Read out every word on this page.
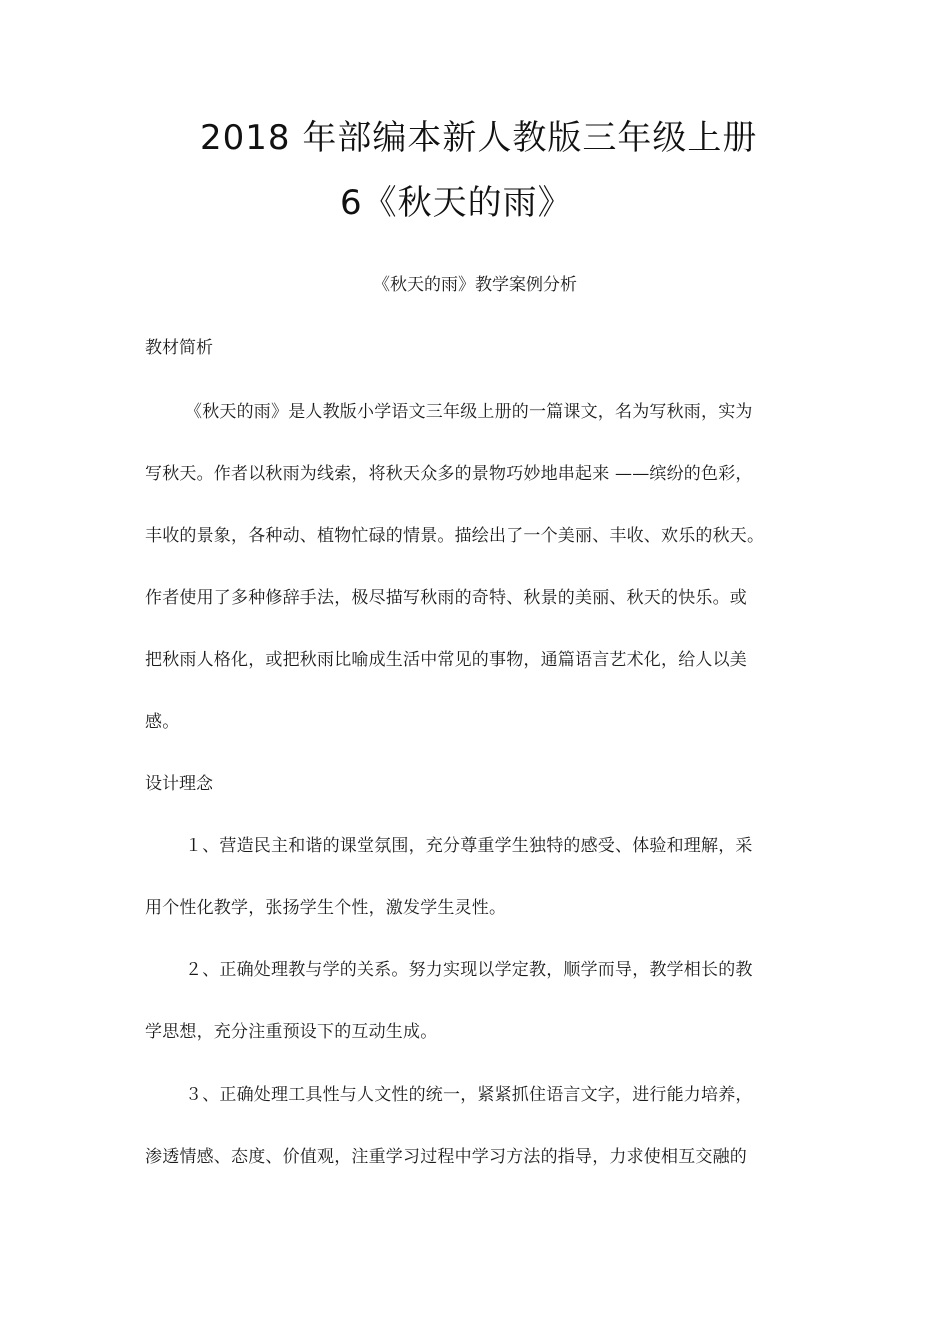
2018 年部编本新人教版三年级上册
6《秋天的雨》
《秋天的雨》教学案例分析
教材简析
《秋天的雨》是人教版小学语文三年级上册的一篇课文，名为写秋雨，实为
写秋天。作者以秋雨为线索，将秋天众多的景物巧妙地串起来 ——缤纷的色彩，
丰收的景象，各种动、植物忙碌的情景。描绘出了一个美丽、丰收、欢乐的秋天。
作者使用了多种修辞手法，极尽描写秋雨的奇特、秋景的美丽、秋天的快乐。或
把秋雨人格化，或把秋雨比喻成生活中常见的事物，通篇语言艺术化，给人以美
感。
设计理念
１、营造民主和谐的课堂氛围，充分尊重学生独特的感受、体验和理解，采
用个性化教学，张扬学生个性，激发学生灵性。
２、正确处理教与学的关系。努力实现以学定教，顺学而导，教学相长的教
学思想，充分注重预设下的互动生成。
３、正确处理工具性与人文性的统一，紧紧抓住语言文字，进行能力培养，
渗透情感、态度、价值观，注重学习过程中学习方法的指导，力求使相互交融的
